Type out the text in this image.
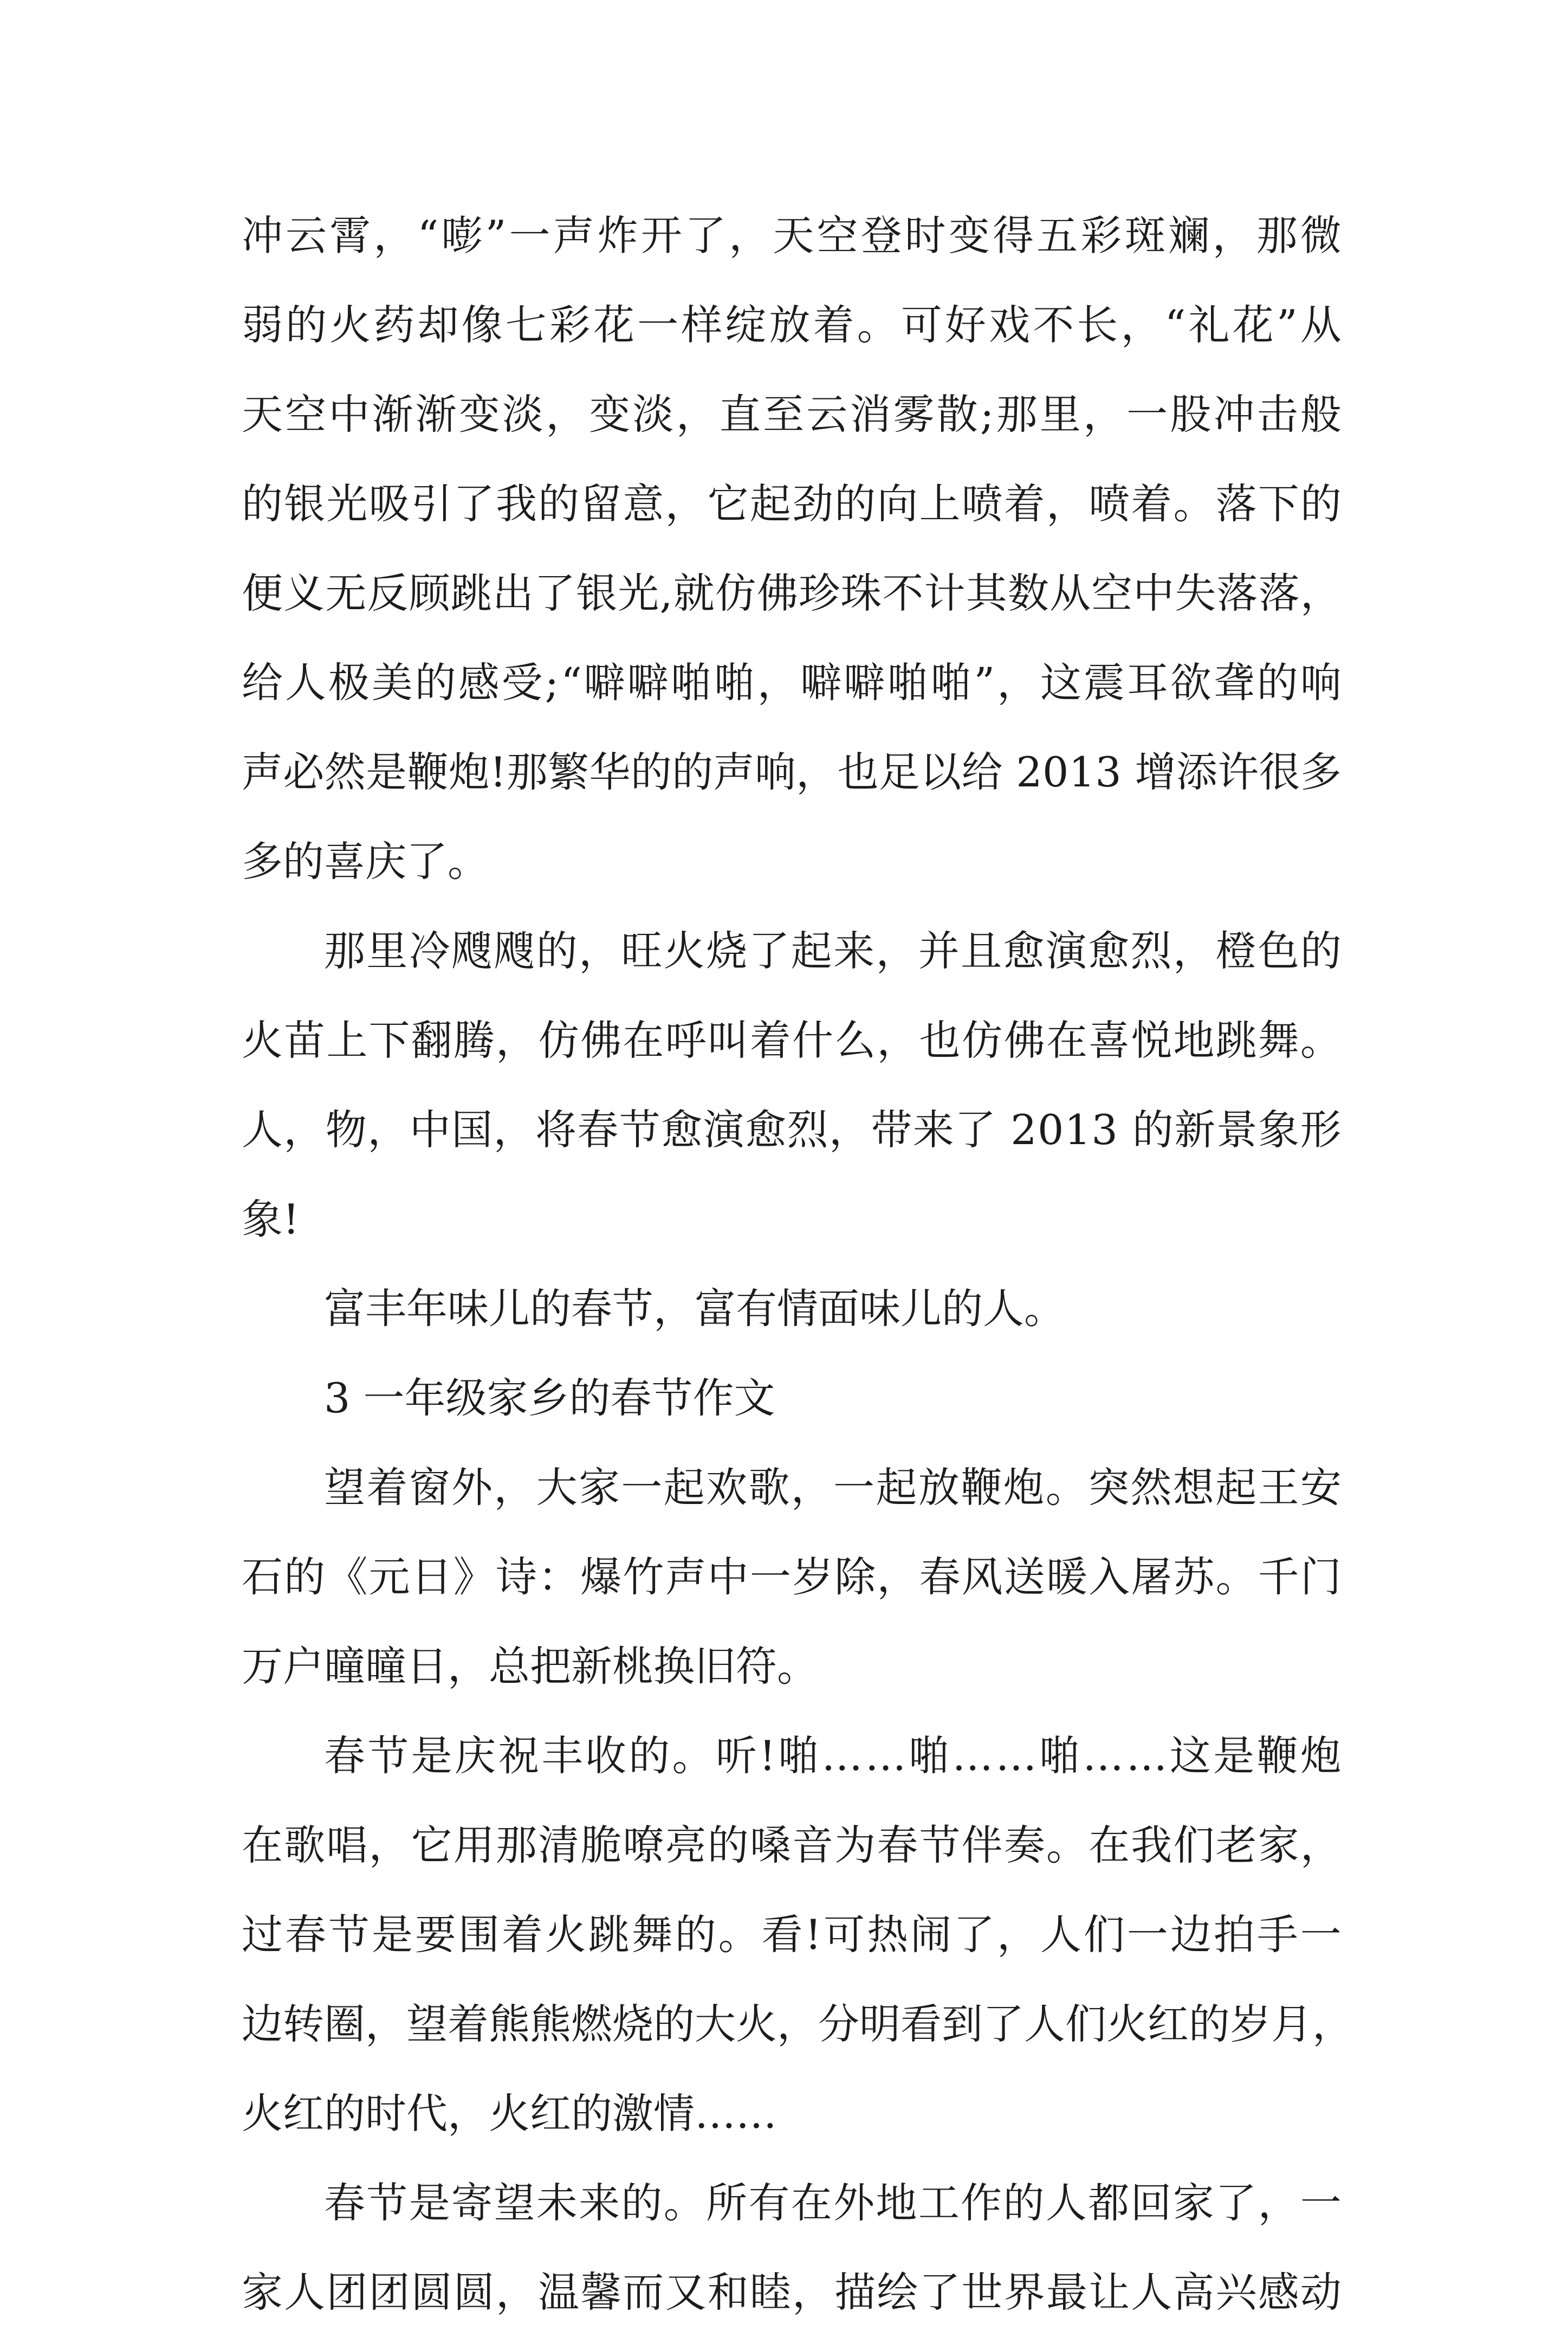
冲 云 霄 ， “ 嘭 ” 一 声 炸 开 了 ， 天 空 登 时 变 得 五 彩 斑 斓 ， 那 微
弱 的 火 药 却 像 七 彩 花 一 样 绽 放 着 。 可 好 戏 不 长 ， “ 礼 花 ” 从
天 空 中 渐 渐 变 淡 ， 变 淡 ， 直 至 云 消 雾 散 ; 那 里 ， 一 股 冲 击 般
的 银 光 吸 引 了 我 的 留 意 ， 它 起 劲 的 向 上 喷 着 ， 喷 着 。 落 下 的
便 义 无 反 顾 跳 出 了 银 光 , 就 仿 佛 珍 珠 不 计 其 数 从 空 中 失 落 落 ，
给 人 极 美 的 感 受 ; “ 噼 噼 啪 啪 ， 噼 噼 啪 啪 ” ， 这 震 耳 欲 聋 的 响
声 必 然 是 鞭 炮 ! 那 繁 华 的 的 声 响 ， 也 足 以 给
2 0 1 3
增 添 许 很 多
多的喜庆了。
那 里 冷 飕 飕 的 ， 旺 火 烧 了 起 来 ， 并 且 愈 演 愈 烈 ， 橙 色 的
火 苗 上 下 翻 腾 ， 仿 佛 在 呼 叫 着 什 么 ， 也 仿 佛 在 喜 悦 地 跳 舞 。
人 ， 物 ， 中 国 ， 将 春 节 愈 演 愈 烈 ， 带 来 了
2 0 1 3
的 新 景 象 形
象!
富丰年味儿的春节，富有情面味儿的人。
3 一年级家乡的春节作文
望 着 窗 外 ， 大 家 一 起 欢 歌 ， 一 起 放 鞭 炮 。 突 然 想 起 王 安
石 的 《 元 日 》 诗 ： 爆 竹 声 中 一 岁 除 ， 春 风 送 暖 入 屠 苏 。 千 门
万户曈曈日，总把新桃换旧符。
春 节 是 庆 祝 丰 收 的 。 听 ! 啪 … … 啪 … … 啪 … … 这 是 鞭 炮
在 歌 唱 ， 它 用 那 清 脆 嘹 亮 的 嗓 音 为 春 节 伴 奏 。 在 我 们 老 家 ，
过 春 节 是 要 围 着 火 跳 舞 的 。 看 ! 可 热 闹 了 ， 人 们 一 边 拍 手 一
边 转 圈 ， 望 着 熊 熊 燃 烧 的 大 火 ， 分 明 看 到 了 人 们 火 红 的 岁 月 ，
火红的时代，火红的激情……
春 节 是 寄 望 未 来 的 。 所 有 在 外 地 工 作 的 人 都 回 家 了 ， 一
家 人 团 团 圆 圆 ， 温 馨 而 又 和 睦 ， 描 绘 了 世 界 最 让 人 高 兴 感 动
